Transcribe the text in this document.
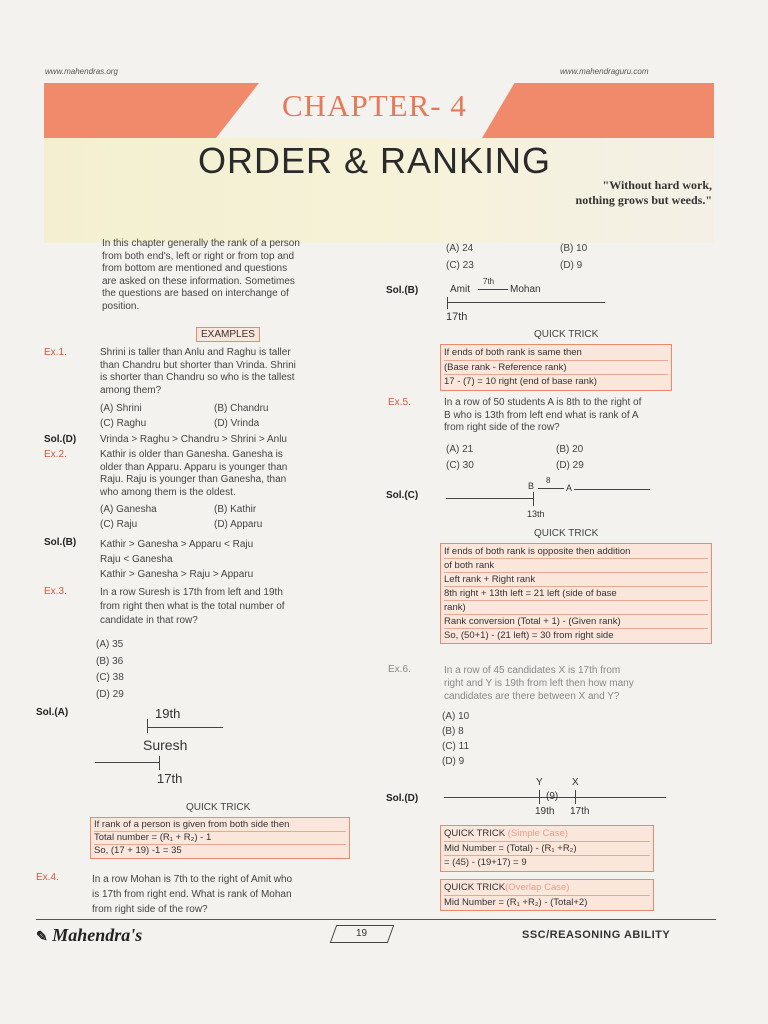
www.mahendras.org	www.mahendraguru.com
CHAPTER- 4
ORDER & RANKING
"Without hard work,
nothing grows but weeds."
In this chapter generally the rank of a person
from both end's, left or right or from top and
from bottom are mentioned and questions
are asked on these information. Sometimes
the questions are based on interchange of
position.
EXAMPLES
Ex.1.	Shrini is taller than Anlu and Raghu is taller
than Chandru but shorter than Vrinda. Shrini
is shorter than Chandru so who is the tallest
among them?
(A) Shrini	(B) Chandru
(C) Raghu	(D) Vrinda
Sol.(D) Vrinda > Raghu > Chandru > Shrini > Anlu
Ex.2.	Kathir is older than Ganesha. Ganesha is
older than Apparu. Apparu is younger than
Raju. Raju is younger than Ganesha, than
who among them is the oldest.
(A) Ganesha	(B) Kathir
(C) Raju	(D) Apparu
Sol.(B) Kathir > Ganesha > Apparu < Raju
Raju < Ganesha
Kathir > Ganesha > Raju > Apparu
Ex.3.	In a row Suresh is 17th from left and 19th
from right then what is the total number of
candidate in that row?
(A) 35
(B) 36
(C) 38
(D) 29
Sol.(A)	19th
Suresh
17th
QUICK TRICK
If rank of a person is given from both side then
Total number = (R₁ + R₂) - 1
So, (17 + 19) -1 = 35
Ex.4.	In a row Mohan is 7th to the right of Amit who
is 17th from right end. What is rank of Mohan
from right side of the row?
(A) 24	(B) 10
(C) 23	(D) 9
Sol.(B)	Amit
7th
Mohan
17th
QUICK TRICK
If ends of both rank is same then
(Base rank - Reference rank)
17 - (7) = 10 right (end of base rank)
Ex.5.	In a row of 50 students A is 8th to the right of
B who is 13th from left end what is rank of A
from right side of the row?
(A) 21	(B) 20
(C) 30	(D) 29
Sol.(C)
B
8
A
13th
QUICK TRICK
If ends of both rank is opposite then addition
of both rank
Left rank + Right rank
8th right + 13th left = 21 left (side of base
rank)
Rank conversion (Total + 1) - (Given rank)
So, (50+1) - (21 left) = 30 from right side
Ex.6.	In a row of 45 candidates X is 17th from
right and Y is 19th from left then how many
candidates are there between X and Y?
(A) 10
(B) 8
(C) 11
(D) 9
Sol.(D)
Y	X
(9)
19th 17th
QUICK TRICK (Simple Case)
Mid Number = (Total) - (R₁ +R₂)
= (45) - (19+17) = 9
QUICK TRICK(Overlap Case)
Mid Number = (R₁ +R₂) - (Total+2)
✎ Mahendra's	19	SSC/REASONING ABILITY
